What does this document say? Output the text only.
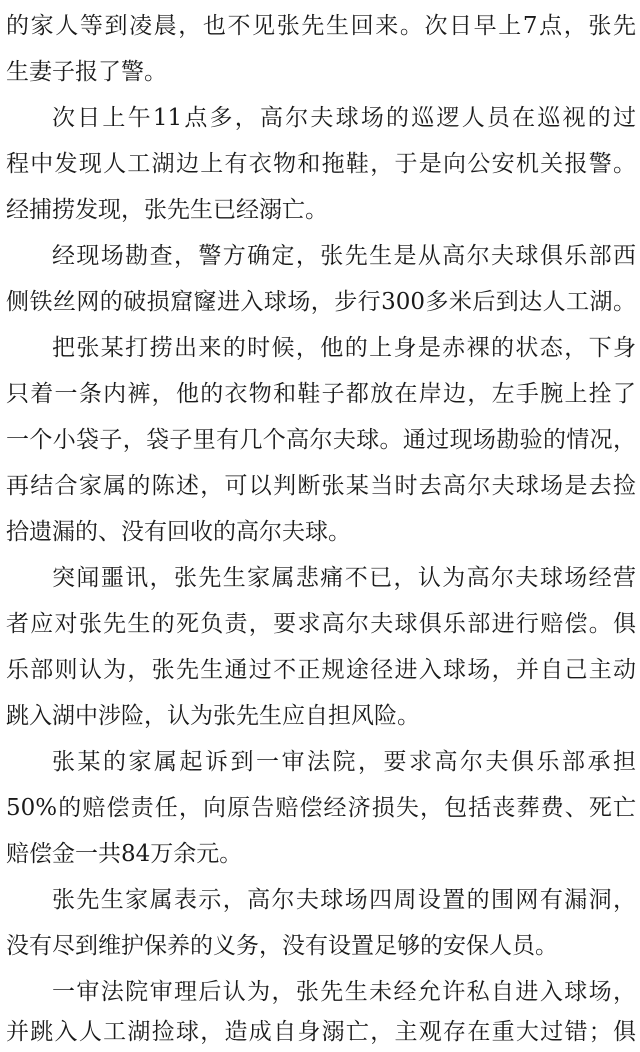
的家人等到凌晨，也不见张先生回来。次日早上7点，张先

生妻子报了警。

次日上午11点多，高尔夫球场的巡逻人员在巡视的过

程中发现人工湖边上有衣物和拖鞋，于是向公安机关报警。

经捕捞发现，张先生已经溺亡。

经现场勘查，警方确定，张先生是从高尔夫球俱乐部西

侧铁丝网的破损窟窿进入球场，步行300多米后到达人工湖。

把张某打捞出来的时候，他的上身是赤裸的状态，下身

只着一条内裤，他的衣物和鞋子都放在岸边，左手腕上拴了

一个小袋子，袋子里有几个高尔夫球。通过现场勘验的情况，

再结合家属的陈述，可以判断张某当时去高尔夫球场是去捡

拾遗漏的、没有回收的高尔夫球。

突闻噩讯，张先生家属悲痛不已，认为高尔夫球场经营

者应对张先生的死负责，要求高尔夫球俱乐部进行赔偿。俱

乐部则认为，张先生通过不正规途径进入球场，并自己主动

跳入湖中涉险，认为张先生应自担风险。

张某的家属起诉到一审法院，要求高尔夫俱乐部承担

50%的赔偿责任，向原告赔偿经济损失，包括丧葬费、死亡

赔偿金一共84万余元。

张先生家属表示，高尔夫球场四周设置的围网有漏洞，

没有尽到维护保养的义务，没有设置足够的安保人员。

一审法院审理后认为，张先生未经允许私自进入球场，

并跳入人工湖捡球，造成自身溺亡，主观存在重大过错；俱
